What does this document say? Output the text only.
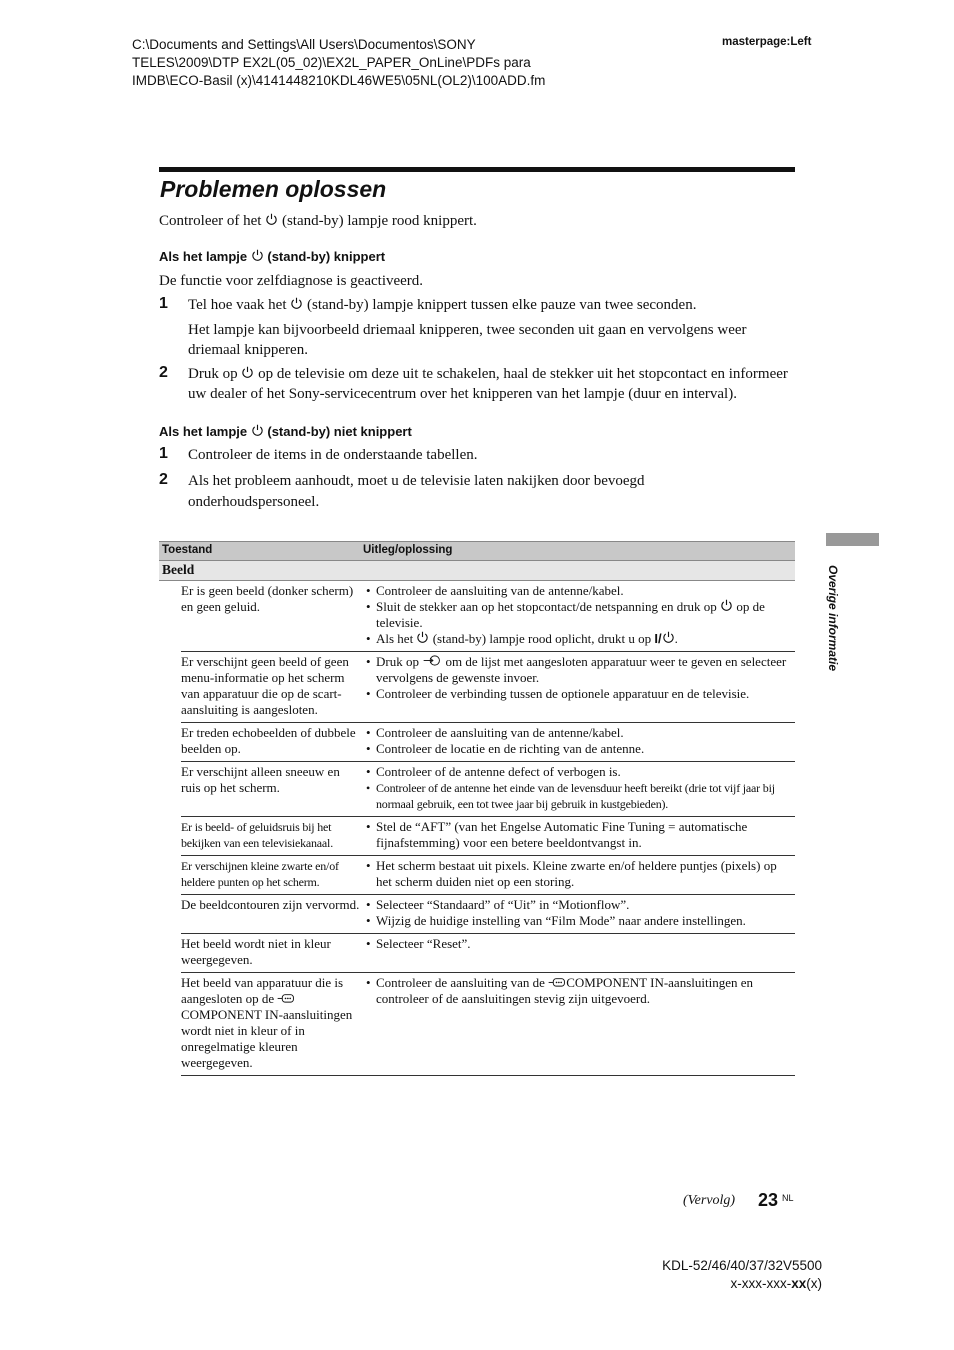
C:\Documents and Settings\All Users\Documentos\SONY
TELES\2009\DTP EX2L(05_02)\EX2L_PAPER_OnLine\PDFs para
IMDB\ECO-Basil (x)\4141448210KDL46WE5\05NL(OL2)\100ADD.fm
masterpage:Left
Problemen oplossen
Controleer of het  (stand-by) lampje rood knippert.
Als het lampje  (stand-by) knippert
De functie voor zelfdiagnose is geactiveerd.
1 Tel hoe vaak het  (stand-by) lampje knippert tussen elke pauze van twee seconden.
Het lampje kan bijvoorbeeld driemaal knipperen, twee seconden uit gaan en vervolgens weer driemaal knipperen.
2 Druk op  op de televisie om deze uit te schakelen, haal de stekker uit het stopcontact en informeer uw dealer of het Sony-servicecentrum over het knipperen van het lampje (duur en interval).
Als het lampje  (stand-by) niet knippert
1 Controleer de items in de onderstaande tabellen.
2 Als het probleem aanhoudt, moet u de televisie laten nakijken door bevoegd onderhoudspersoneel.
Toestand	Uitleg/oplossing
Beeld
Er is geen beeld (donker scherm) en geen geluid.
• Controleer de aansluiting van de antenne/kabel.
• Sluit de stekker aan op het stopcontact/de netspanning en druk op  op de televisie.
• Als het  (stand-by) lampje rood oplicht, drukt u op I/ .
Er verschijnt geen beeld of geen menu-informatie op het scherm van apparatuur die op de scart-aansluiting is aangesloten.
• Druk op  om de lijst met aangesloten apparatuur weer te geven en selecteer vervolgens de gewenste invoer.
• Controleer de verbinding tussen de optionele apparatuur en de televisie.
Er treden echobeelden of dubbele beelden op.
• Controleer de aansluiting van de antenne/kabel.
• Controleer de locatie en de richting van de antenne.
Er verschijnt alleen sneeuw en ruis op het scherm.
• Controleer of de antenne defect of verbogen is.
• Controleer of de antenne het einde van de levensduur heeft bereikt (drie tot vijf jaar bij normaal gebruik, een tot twee jaar bij gebruik in kustgebieden).
Er is beeld- of geluidsruis bij het bekijken van een televisiekanaal.
• Stel de “AFT” (van het Engelse Automatic Fine Tuning = automatische fijnafstemming) voor een betere beeldontvangst in.
Er verschijnen kleine zwarte en/of heldere punten op het scherm.
• Het scherm bestaat uit pixels. Kleine zwarte en/of heldere puntjes (pixels) op het scherm duiden niet op een storing.
De beeldcontouren zijn vervormd. • Selecteer “Standaard” of “Uit” in “Motionflow”.
• Wijzig de huidige instelling van “Film Mode” naar andere instellingen.
Het beeld wordt niet in kleur weergegeven.
• Selecteer “Reset”.
Het beeld van apparatuur die is aangesloten op de COMPONENT IN-aansluitingen wordt niet in kleur of in onregelmatige kleuren weergegeven.
• Controleer de aansluiting van de COMPONENT IN-aansluitingen en controleer of de aansluitingen stevig zijn uitgevoerd.
Overige informatie
(Vervolg) 23 NL
KDL-52/46/40/37/32V5500
x-xxx-xxx-xx(x)
